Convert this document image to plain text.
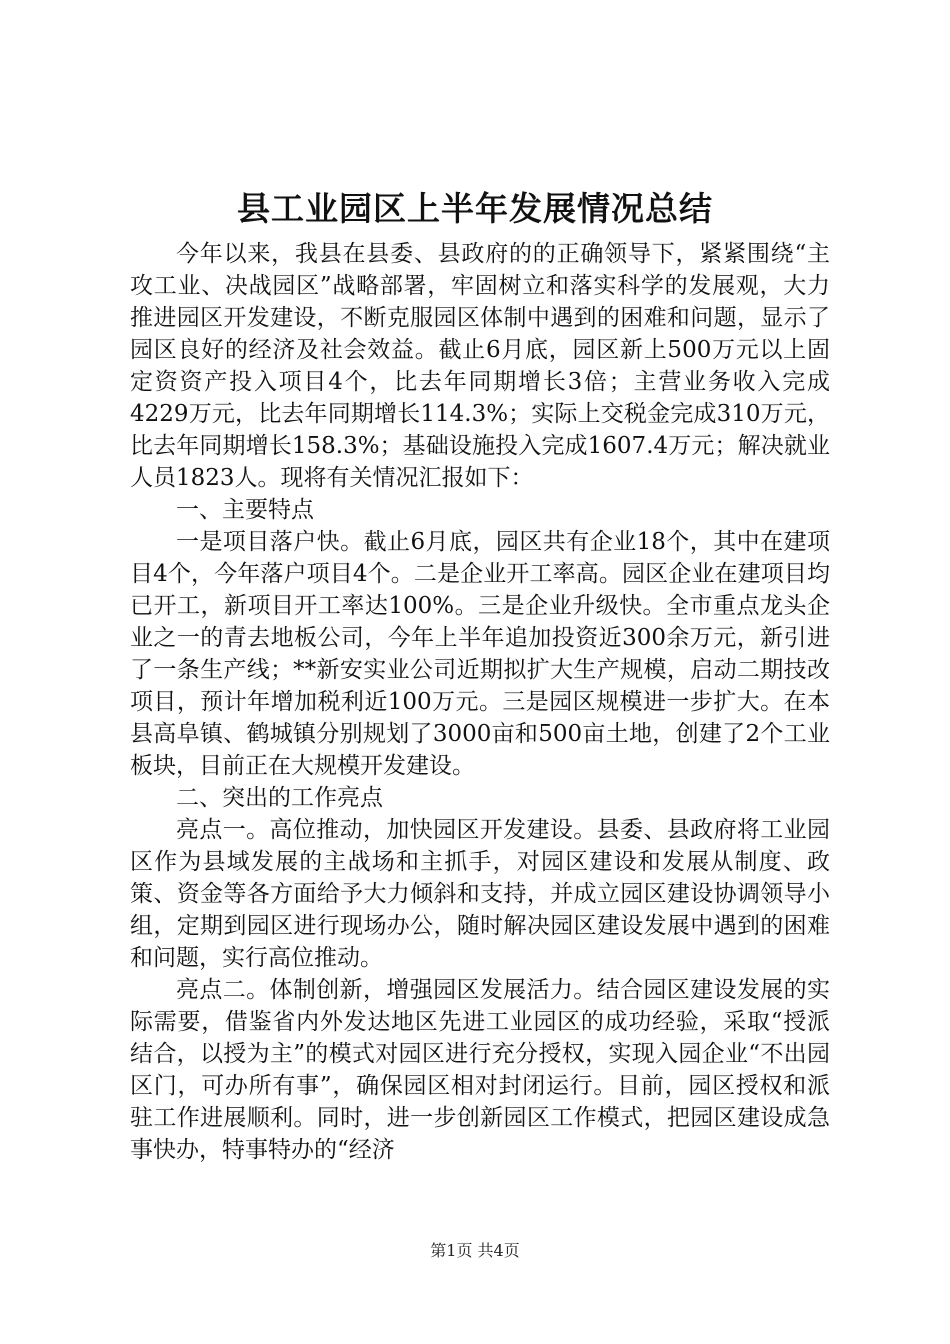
县工业园区上半年发展情况总结

今年以来，我县在县委、县政府的的正确领导下，紧紧围绕“主攻工业、决战园区”战略部署，牢固树立和落实科学的发展观，大力推进园区开发建设，不断克服园区体制中遇到的困难和问题，显示了园区良好的经济及社会效益。截止6月底，园区新上500万元以上固定资资产投入项目4个，比去年同期增长3倍；主营业务收入完成4229万元，比去年同期增长114.3%；实际上交税金完成310万元，比去年同期增长158.3%；基础设施投入完成1607.4万元；解决就业人员1823人。现将有关情况汇报如下：

一、主要特点

一是项目落户快。截止6月底，园区共有企业18个，其中在建项目4个，今年落户项目4个。二是企业开工率高。园区企业在建项目均已开工，新项目开工率达100%。三是企业升级快。全市重点龙头企业之一的青去地板公司，今年上半年追加投资近300余万元，新引进了一条生产线；**新安实业公司近期拟扩大生产规模，启动二期技改项目，预计年增加税利近100万元。三是园区规模进一步扩大。在本县高阜镇、鹤城镇分别规划了3000亩和500亩土地，创建了2个工业板块，目前正在大规模开发建设。

二、突出的工作亮点

亮点一。高位推动，加快园区开发建设。县委、县政府将工业园区作为县域发展的主战场和主抓手，对园区建设和发展从制度、政策、资金等各方面给予大力倾斜和支持，并成立园区建设协调领导小组，定期到园区进行现场办公，随时解决园区建设发展中遇到的困难和问题，实行高位推动。

亮点二。体制创新，增强园区发展活力。结合园区建设发展的实际需要，借鉴省内外发达地区先进工业园区的成功经验，采取“授派结合，以授为主”的模式对园区进行充分授权，实现入园企业“不出园区门，可办所有事”，确保园区相对封闭运行。目前，园区授权和派驻工作进展顺利。同时，进一步创新园区工作模式，把园区建设成急事快办，特事特办的“经济

第1页 共4页
